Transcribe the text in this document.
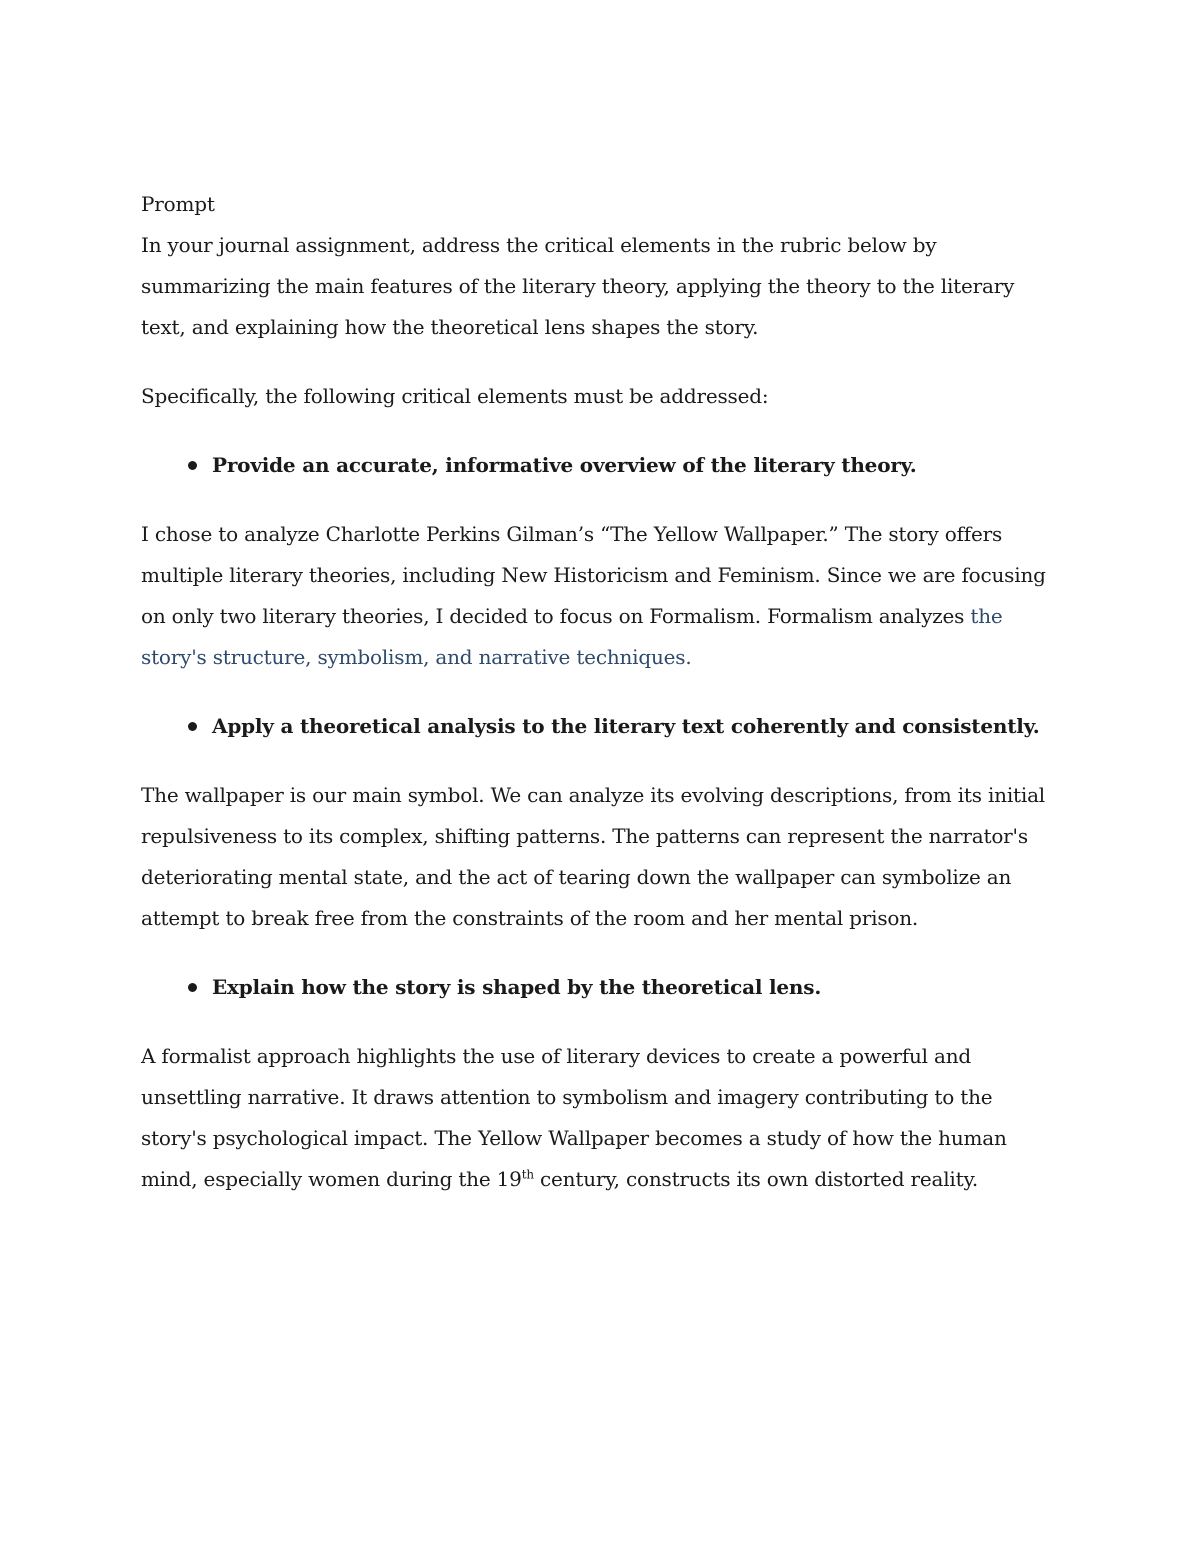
Prompt

In your journal assignment, address the critical elements in the rubric below by summarizing the main features of the literary theory, applying the theory to the literary text, and explaining how the theoretical lens shapes the story.

Specifically, the following critical elements must be addressed:

Provide an accurate, informative overview of the literary theory.

I chose to analyze Charlotte Perkins Gilman’s “The Yellow Wallpaper.” The story offers multiple literary theories, including New Historicism and Feminism. Since we are focusing on only two literary theories, I decided to focus on Formalism. Formalism analyzes the story's structure, symbolism, and narrative techniques.

Apply a theoretical analysis to the literary text coherently and consistently.

The wallpaper is our main symbol. We can analyze its evolving descriptions, from its initial repulsiveness to its complex, shifting patterns. The patterns can represent the narrator's deteriorating mental state, and the act of tearing down the wallpaper can symbolize an attempt to break free from the constraints of the room and her mental prison.

Explain how the story is shaped by the theoretical lens.

A formalist approach highlights the use of literary devices to create a powerful and unsettling narrative. It draws attention to symbolism and imagery contributing to the story's psychological impact. The Yellow Wallpaper becomes a study of how the human mind, especially women during the 19th century, constructs its own distorted reality.
